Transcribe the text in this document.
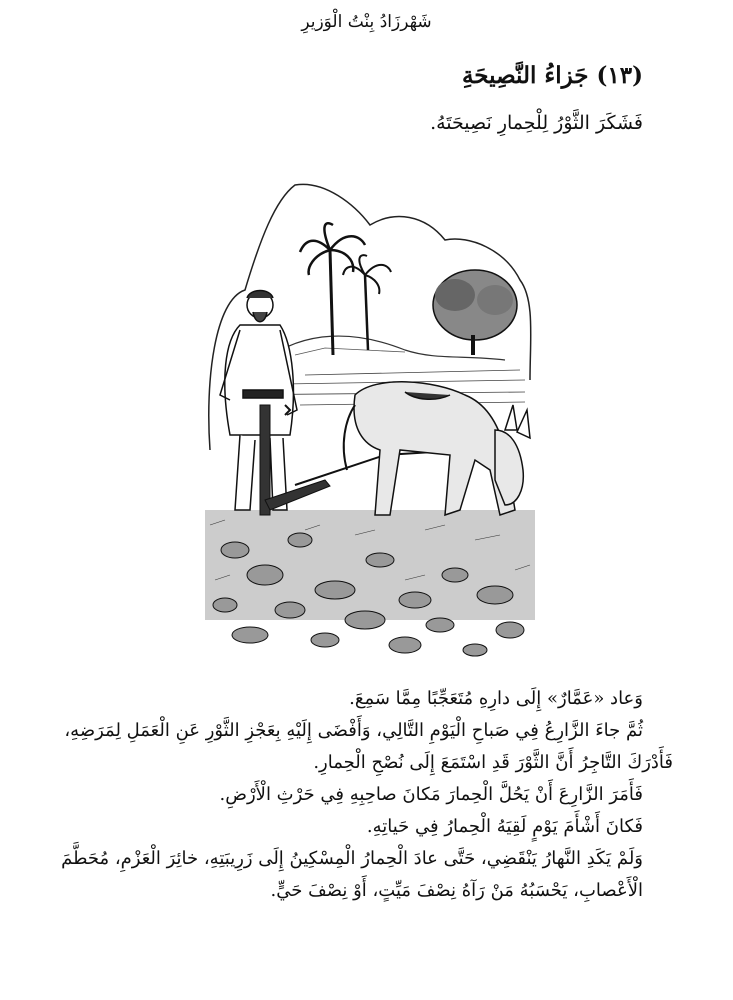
شَهْرزَادُ بِنْتُ الْوَزيرِ
(١٣) جَزاءُ النَّصِيحَةِ
فَشَكَرَ الثَّوْرُ لِلْحِمارِ نَصِيحَتَهُ.

وَعاد «عَمَّارٌ» إِلَى دارِهِ مُتَعَجِّبًا مِمَّا سَمِعَ.

ثُمَّ جاءَ الزَّارِعُ فِي صَباحِ الْيَوْمِ التَّالِي، وَأَفْضَى إِلَيْهِ بِعَجْزِ الثَّوْرِ عَنِ الْعَمَلِ لِمَرَضِهِ،

فَأَدْرَكَ التَّاجِرُ أَنَّ الثَّوْرَ قَدِ اسْتَمَعَ إِلَى نُصْحِ الْحِمارِ.

فَأَمَرَ الزَّارِعَ أَنْ يَحُلَّ الْحِمارَ مَكانَ صاحِبِهِ فِي حَرْثِ الْأَرْضِ.

فَكانَ أَشْأَمَ يَوْمٍ لَقِيَهُ الْحِمارُ فِي حَياتِهِ.

وَلَمْ يَكَدِ النَّهارُ يَنْقَضِي، حَتَّى عادَ الْحِمارُ الْمِسْكِينُ إِلَى زَرِيبَتِهِ، خائِرَ الْعَزْمِ، مُحَطَّمَ الْأَعْصابِ، يَحْسَبُهُ مَنْ رَآهُ نِصْفَ مَيِّتٍ، أَوْ نِصْفَ حَيٍّ.
